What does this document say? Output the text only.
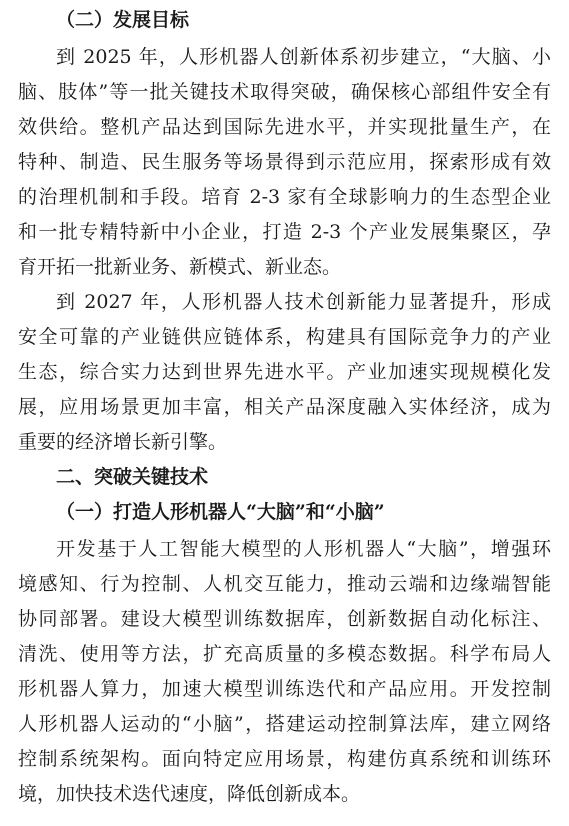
（二）发展目标
到 2025 年，人形机器人创新体系初步建立，“大脑、小
脑、肢体”等一批关键技术取得突破，确保核心部组件安全有
效供给。整机产品达到国际先进水平，并实现批量生产，在
特种、制造、民生服务等场景得到示范应用，探索形成有效
的治理机制和手段。培育 2-3 家有全球影响力的生态型企业
和一批专精特新中小企业，打造 2-3 个产业发展集聚区，孕
育开拓一批新业务、新模式、新业态。
到 2027 年，人形机器人技术创新能力显著提升，形成
安全可靠的产业链供应链体系，构建具有国际竞争力的产业
生态，综合实力达到世界先进水平。产业加速实现规模化发
展，应用场景更加丰富，相关产品深度融入实体经济，成为
重要的经济增长新引擎。
二、突破关键技术
（一）打造人形机器人“大脑”和“小脑”
开发基于人工智能大模型的人形机器人“大脑”，增强环
境感知、行为控制、人机交互能力，推动云端和边缘端智能
协同部署。建设大模型训练数据库，创新数据自动化标注、
清洗、使用等方法，扩充高质量的多模态数据。科学布局人
形机器人算力，加速大模型训练迭代和产品应用。开发控制
人形机器人运动的“小脑”，搭建运动控制算法库，建立网络
控制系统架构。面向特定应用场景，构建仿真系统和训练环
境，加快技术迭代速度，降低创新成本。
